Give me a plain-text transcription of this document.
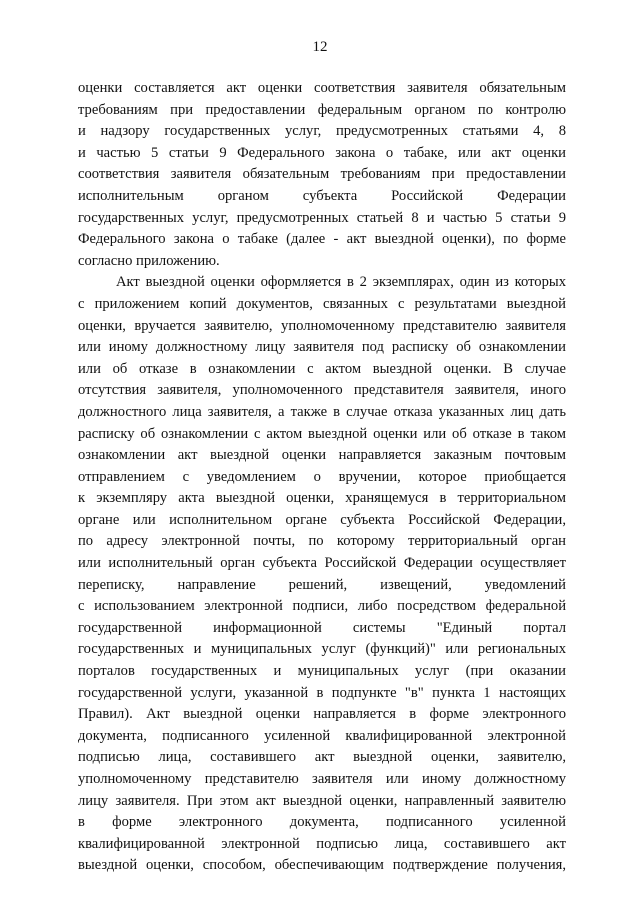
12
оценки составляется акт оценки соответствия заявителя обязательным
требованиям при предоставлении федеральным органом по контролю
и надзору государственных услуг, предусмотренных статьями 4, 8
и частью 5 статьи 9 Федерального закона о табаке, или акт оценки
соответствия заявителя обязательным требованиям при предоставлении
исполнительным органом субъекта Российской Федерации
государственных услуг, предусмотренных статьей 8 и частью 5 статьи 9
Федерального закона о табаке (далее - акт выездной оценки), по форме
согласно приложению.
Акт выездной оценки оформляется в 2 экземплярах, один из которых
с приложением копий документов, связанных с результатами выездной
оценки, вручается заявителю, уполномоченному представителю заявителя
или иному должностному лицу заявителя под расписку об ознакомлении
или об отказе в ознакомлении с актом выездной оценки. В случае
отсутствия заявителя, уполномоченного представителя заявителя, иного
должностного лица заявителя, а также в случае отказа указанных лиц дать
расписку об ознакомлении с актом выездной оценки или об отказе в таком
ознакомлении акт выездной оценки направляется заказным почтовым
отправлением с уведомлением о вручении, которое приобщается
к экземпляру акта выездной оценки, хранящемуся в территориальном
органе или исполнительном органе субъекта Российской Федерации,
по адресу электронной почты, по которому территориальный орган
или исполнительный орган субъекта Российской Федерации осуществляет
переписку, направление решений, извещений, уведомлений
с использованием электронной подписи, либо посредством федеральной
государственной информационной системы "Единый портал
государственных и муниципальных услуг (функций)" или региональных
порталов государственных и муниципальных услуг (при оказании
государственной услуги, указанной в подпункте "в" пункта 1 настоящих
Правил). Акт выездной оценки направляется в форме электронного
документа, подписанного усиленной квалифицированной электронной
подписью лица, составившего акт выездной оценки, заявителю,
уполномоченному представителю заявителя или иному должностному
лицу заявителя. При этом акт выездной оценки, направленный заявителю
в форме электронного документа, подписанного усиленной
квалифицированной электронной подписью лица, составившего акт
выездной оценки, способом, обеспечивающим подтверждение получения,
